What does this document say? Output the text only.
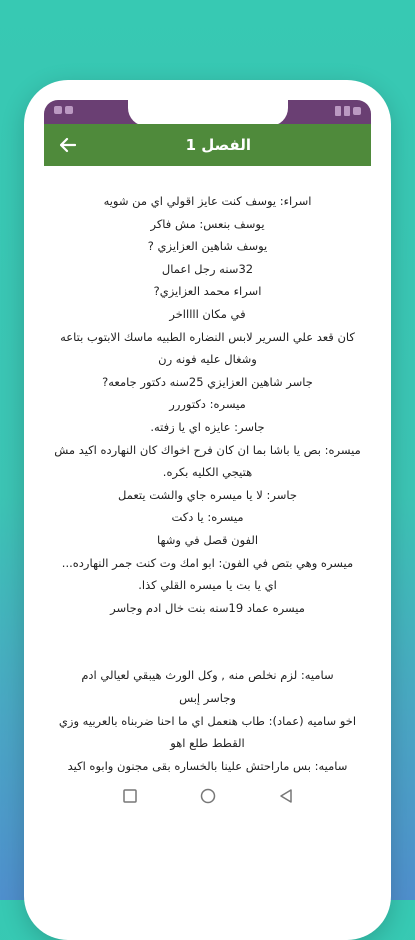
الفصل 1
اسراء: يوسف كنت عايز اقولي اي من شويه
يوسف بنعس: مش فاكر
يوسف شاهين العزايزي ?
32سنه رجل اعمال
اسراء محمد العزايزي?
في مكان اااااخر
كان قعد علي السرير لابس النضاره الطبيه ماسك الابتوب بتاعه
وشغال عليه فونه رن
جاسر شاهين العزايزي 25سنه دكتور جامعه?
ميسره: دكتوررر
جاسر: عايزه اي يا زفته.
ميسره: بص يا باشا بما ان كان فرح اخواك كان النهارده اكيد مش
هتيجي الكليه بكره.
جاسر: لا يا ميسره جاي والشت يتعمل
ميسره: يا دكت
الفون قصل في وشها
ميسره وهي بتص في الفون: ابو امك وت كنت جمر النهارده...
اي يا بت يا ميسره القلي كذا.
ميسره عماد 19سنه بنت خال ادم وجاسر
ساميه: لزم نخلص منه , وكل الورث هيبقي لعيالي ادم
وجاسر إبس
اخو ساميه (عماد): طاب هنعمل اي ما احنا ضربناه بالعربيه وزي
القطط طلع اهو
ساميه: بس ماراحتش علينا بالخساره بقى مجنون وابوه اكيد
